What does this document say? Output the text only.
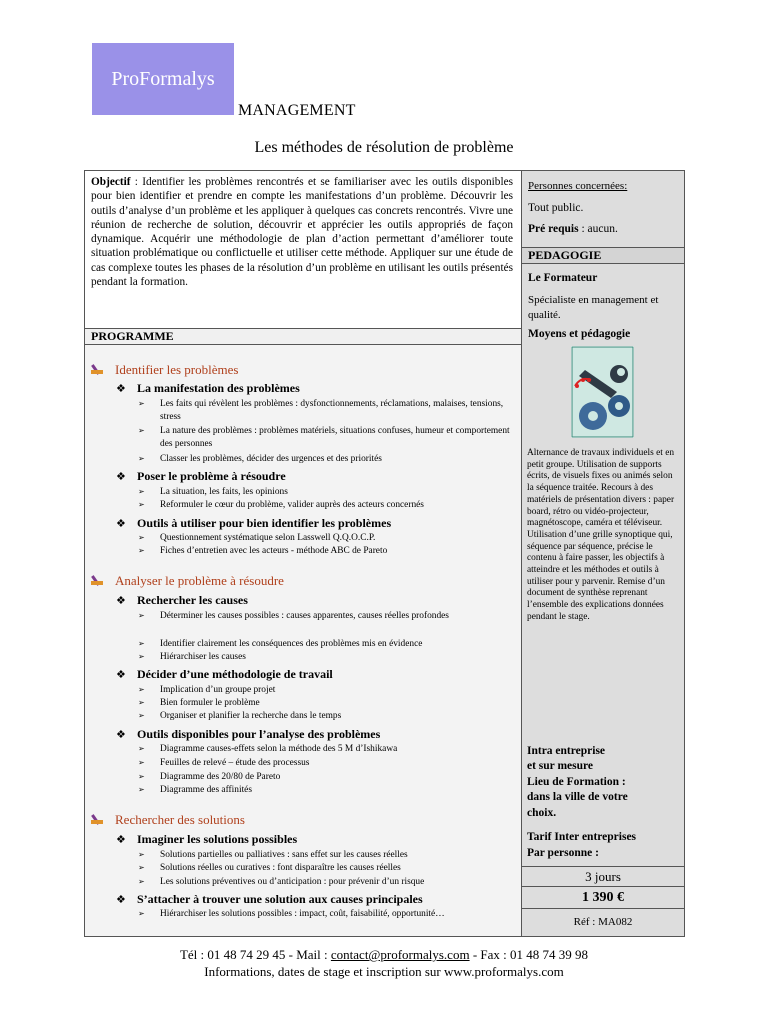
ProFormalys
MANAGEMENT
Les méthodes de résolution de problème
Objectif : Identifier les problèmes rencontrés et se familiariser avec les outils disponibles pour bien identifier et prendre en compte les manifestations d’un problème. Découvrir les outils d’analyse d’un problème et les appliquer à quelques cas concrets rencontrés. Vivre une réunion de recherche de solution, découvrir et apprécier les outils appropriés de façon dynamique. Acquérir une méthodologie de plan d’action permettant d’améliorer toute situation problématique ou conflictuelle et utiliser cette méthode. Appliquer sur une étude de cas complexe toutes les phases de la résolution d’un problème en utilisant les outils présentés pendant la formation.
PROGRAMME
Identifier les problèmes
❖ La manifestation des problèmes
➢	Les faits qui révèlent les problèmes : dysfonctionnements, réclamations, malaises, tensions, stress
➢	La nature des problèmes : problèmes matériels, situations confuses, humeur et comportement des personnes
➢	Classer les problèmes, décider des urgences et des priorités
❖ Poser le problème à résoudre
➢	La situation, les faits, les opinions
➢	Reformuler le cœur du problème, valider auprès des acteurs concernés
❖ Outils à utiliser pour bien identifier les problèmes
➢	Questionnement systématique selon Lasswell Q.Q.O.C.P.
➢	Fiches d’entretien avec les acteurs - méthode ABC de Pareto
Analyser le problème à résoudre
❖ Rechercher les causes
➢	Déterminer les causes possibles : causes apparentes, causes réelles profondes
➢	Identifier clairement les conséquences des problèmes mis en évidence
➢	Hiérarchiser les causes
❖ Décider d’une méthodologie de travail
➢	Implication d’un groupe projet
➢	Bien formuler le problème
➢	Organiser et planifier la recherche dans le temps
❖ Outils disponibles pour l’analyse des problèmes
➢	Diagramme causes-effets selon la méthode des 5 M d’Ishikawa
➢	Feuilles de relevé – étude des processus
➢	Diagramme des 20/80 de Pareto
➢	Diagramme des affinités
Rechercher des solutions
❖ Imaginer les solutions possibles
➢	Solutions partielles ou palliatives : sans effet sur les causes réelles
➢	Solutions réelles ou curatives : font disparaître les causes réelles
➢	Les solutions préventives ou d’anticipation : pour prévenir d’un risque
❖ S’attacher à trouver une solution aux causes principales
➢	Hiérarchiser les solutions possibles : impact, coût, faisabilité, opportunité…
Personnes concernées:
Tout public.
Pré requis : aucun.
PEDAGOGIE
Le Formateur
Spécialiste en management et qualité.
Moyens et pédagogie
Alternance de travaux individuels et en petit groupe. Utilisation de supports écrits, de visuels fixes ou animés selon la séquence traitée. Recours à des matériels de présentation divers : paper board, rétro ou vidéo-projecteur, magnétoscope, caméra et téléviseur. Utilisation d’une grille synoptique qui, séquence par séquence, précise le contenu à faire passer, les objectifs à atteindre et les méthodes et outils à utiliser pour y parvenir. Remise d’un document de synthèse reprenant l’ensemble des explications données pendant le stage.
Intra entreprise
et sur mesure
Lieu de Formation :
dans la ville de votre
choix.
Tarif Inter entreprises
Par personne :
3 jours
1 390 €
Réf : MA082
Tél : 01 48 74 29 45 - Mail : contact@proformalys.com - Fax : 01 48 74 39 98
Informations, dates de stage et inscription sur www.proformalys.com
